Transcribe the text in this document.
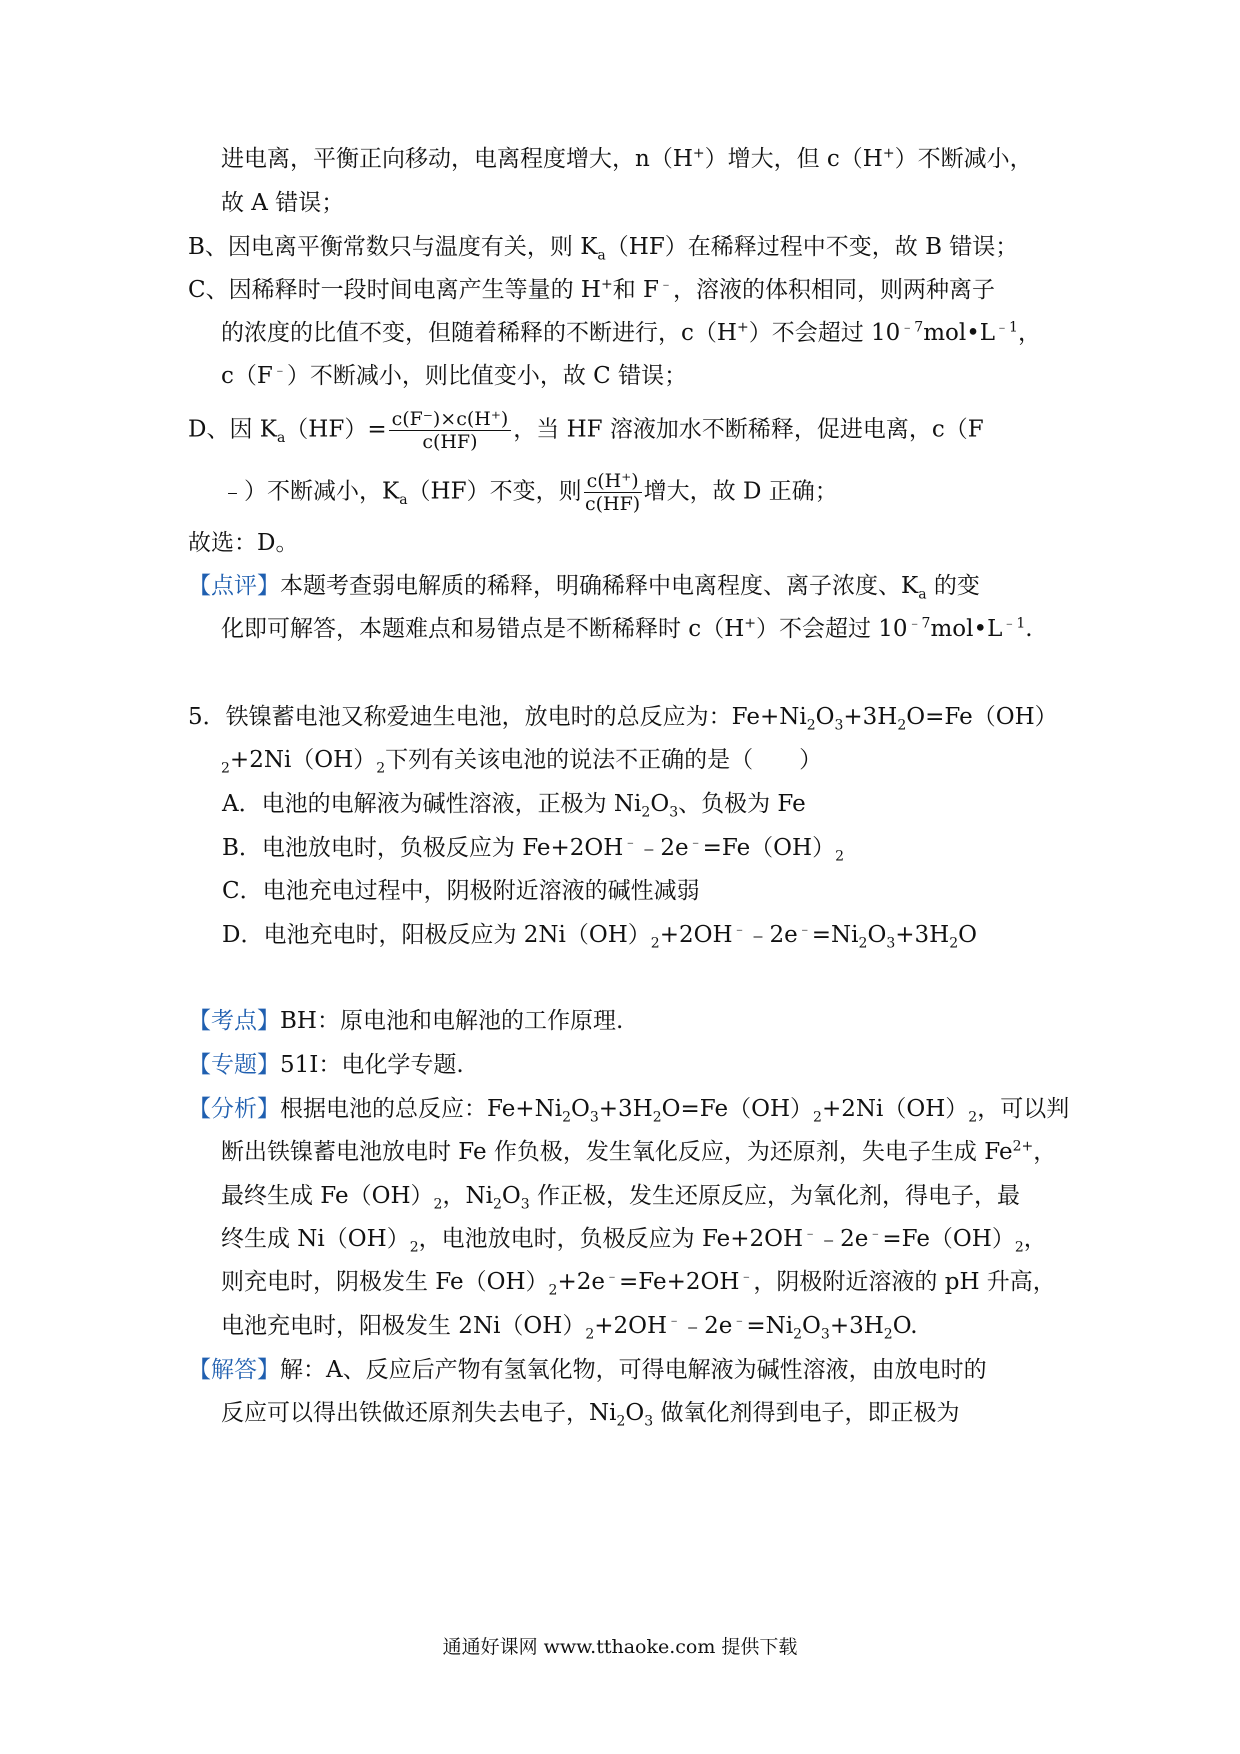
进电离，平衡正向移动，电离程度增大，n（H+）增大，但 c（H+）不断减小，
故 A 错误；
B、因电离平衡常数只与温度有关，则 $K_a(HF)$在稀释过程中不变，故 B 错误；
C、因稀释时一段时间电离产生等量的 H+和 F﹣，溶液的体积相同，则两种离子
的浓度的比值不变，但随着稀释的不断进行，c（H+）不会超过 $10^{﹣7}mol•L^{﹣1}$，
c（F﹣）不断减小，则比值变小，故 C 错误；
D、因 $K_a(HF)= \frac{c(F^-)\times c(H^+)}{c(HF)}$ ，当 HF 溶液加水不断稀释，促进电离，c（F
﹣）不断减小，$K_a(HF)$不变，则 $\frac{c(H^+)}{c(HF)}$ 增大，故 D 正确；
故选：D。
【点评】本题考查弱电解质的稀释，明确稀释中电离程度、离子浓度、$K_a$ 的变
化即可解答，本题难点和易错点是不断稀释时 c（H+）不会超过 $10^{﹣7}mol•L^{﹣1}$.
5．铁镍蓄电池又称爱迪生电池，放电时的总反应为：$Fe+Ni_2O_3+3H_2O=Fe(OH)$
$_2+2Ni(OH)_2$下列有关该电池的说法不正确的是（　　）
A．电池的电解液为碱性溶液，正极为 $Ni_2O_3$、负极为 Fe
B．电池放电时，负极反应为 $Fe+2OH^﹣﹣2e^﹣=Fe(OH)_2$
C．电池充电过程中，阴极附近溶液的碱性减弱
D．电池充电时，阳极反应为 $2Ni(OH)_2+2OH^﹣﹣2e^﹣=Ni_2O_3+3H_2O$
【考点】BH：原电池和电解池的工作原理.
【专题】51I：电化学专题.
【分析】根据电池的总反应：$Fe+Ni_2O_3+3H_2O=Fe(OH)_2+2Ni(OH)_2$，可以判
断出铁镍蓄电池放电时 Fe 作负极，发生氧化反应，为还原剂，失电子生成 $Fe^{2+}$，
最终生成 $Fe(OH)_2$，$Ni_2O_3$ 作正极，发生还原反应，为氧化剂，得电子，最
终生成 $Ni(OH)_2$，电池放电时，负极反应为 $Fe+2OH^﹣﹣2e^﹣=Fe(OH)_2$，
则充电时，阴极发生 $Fe(OH)_2+2e^﹣=Fe+2OH^﹣$，阴极附近溶液的 pH 升高，
电池充电时，阳极发生 $2Ni(OH)_2+2OH^﹣﹣2e^﹣=Ni_2O_3+3H_2O$.
【解答】解：A、反应后产物有氢氧化物，可得电解液为碱性溶液，由放电时的
反应可以得出铁做还原剂失去电子，$Ni_2O_3$ 做氧化剂得到电子，即正极为
通通好课网 www.tthaoke.com 提供下载
